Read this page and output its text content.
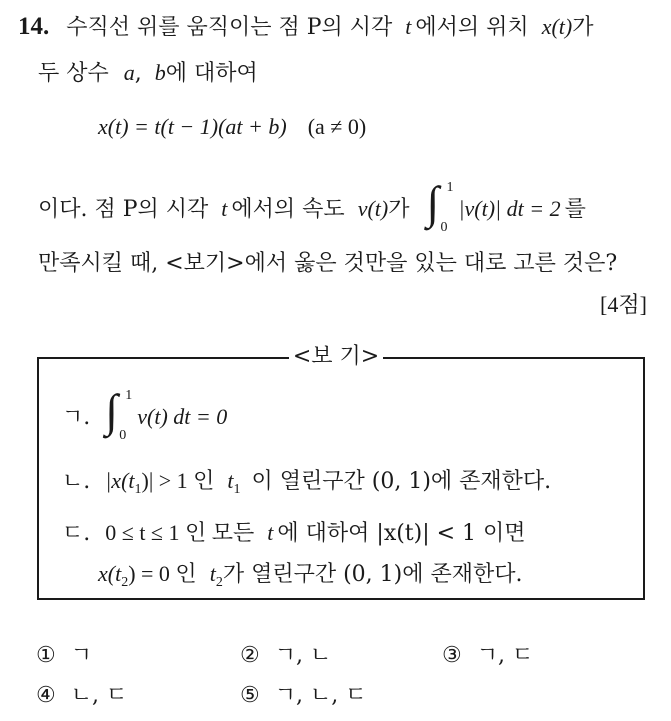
14. 수직선 위를 움직이는 점 P의 시각 t 에서의 위치 x(t)가
두 상수 a, b에 대하여
x(t) = t(t − 1)(at + b) (a ≠ 0)
이다. 점 P의 시각 t 에서의 속도 v(t)가 ∫ 1
0
|v(t)| dt = 2 를
만족시킬 때, <보기>에서 옳은 것만을 있는 대로 고른 것은?
[4점]
<보 기>
ㄱ. ∫ 1
0
v(t) dt = 0
ㄴ. $|x(t_1)| > 1$ 인 $t_1$ 이 열린구간 (0, 1)에 존재한다.
ㄷ. 0 ≤ t ≤ 1 인 모든 t 에 대하여 |x(t)| < 1 이면
$x(t_2) = 0$ 인 $t_2$가 열린구간 (0, 1)에 존재한다.
① ㄱ	② ㄱ, ㄴ	③ ㄱ, ㄷ
④ ㄴ, ㄷ	⑤ ㄱ, ㄴ, ㄷ
